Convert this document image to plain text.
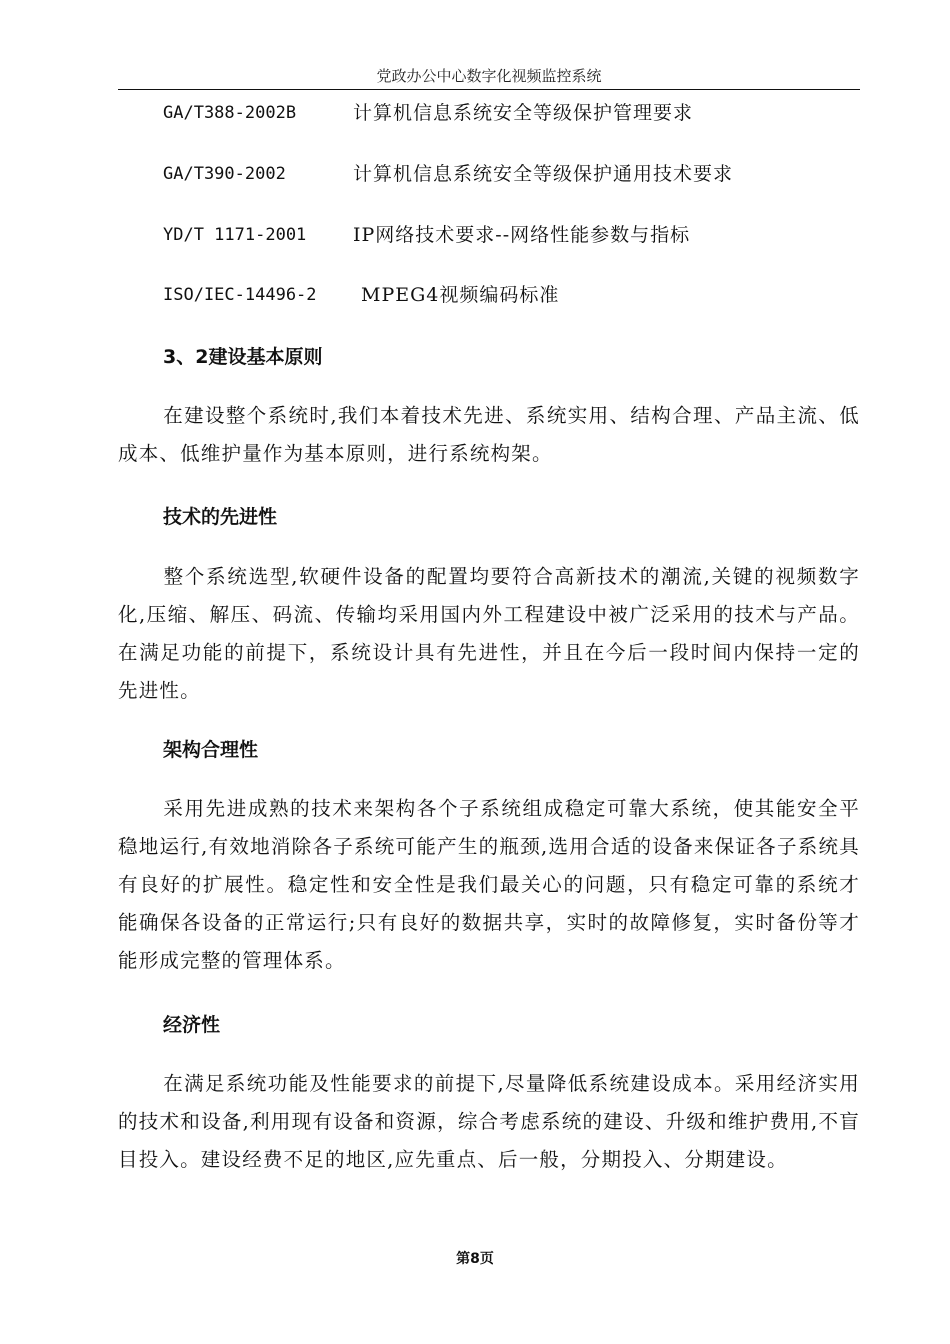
党政办公中心数字化视频监控系统
GA/T388-2002B	计算机信息系统安全等级保护管理要求
GA/T390-2002	计算机信息系统安全等级保护通用技术要求
YD/T 1171-2001 IP网络技术要求--网络性能参数与指标
ISO/IEC-14496-2 MPEG4视频编码标准
3、2建设基本原则
在建设整个系统时,我们本着技术先进、系统实用、结构合理、产品主流、低成本、低维护量作为基本原则，进行系统构架。
技术的先进性
整个系统选型,软硬件设备的配置均要符合高新技术的潮流,关键的视频数字化,压缩、解压、码流、传输均采用国内外工程建设中被广泛采用的技术与产品。在满足功能的前提下，系统设计具有先进性，并且在今后一段时间内保持一定的先进性。
架构合理性
采用先进成熟的技术来架构各个子系统组成稳定可靠大系统，使其能安全平稳地运行,有效地消除各子系统可能产生的瓶颈,选用合适的设备来保证各子系统具有良好的扩展性。稳定性和安全性是我们最关心的问题，只有稳定可靠的系统才能确保各设备的正常运行;只有良好的数据共享，实时的故障修复，实时备份等才能形成完整的管理体系。
经济性
在满足系统功能及性能要求的前提下,尽量降低系统建设成本。采用经济实用的技术和设备,利用现有设备和资源，综合考虑系统的建设、升级和维护费用,不盲目投入。建设经费不足的地区,应先重点、后一般，分期投入、分期建设。
第8页
